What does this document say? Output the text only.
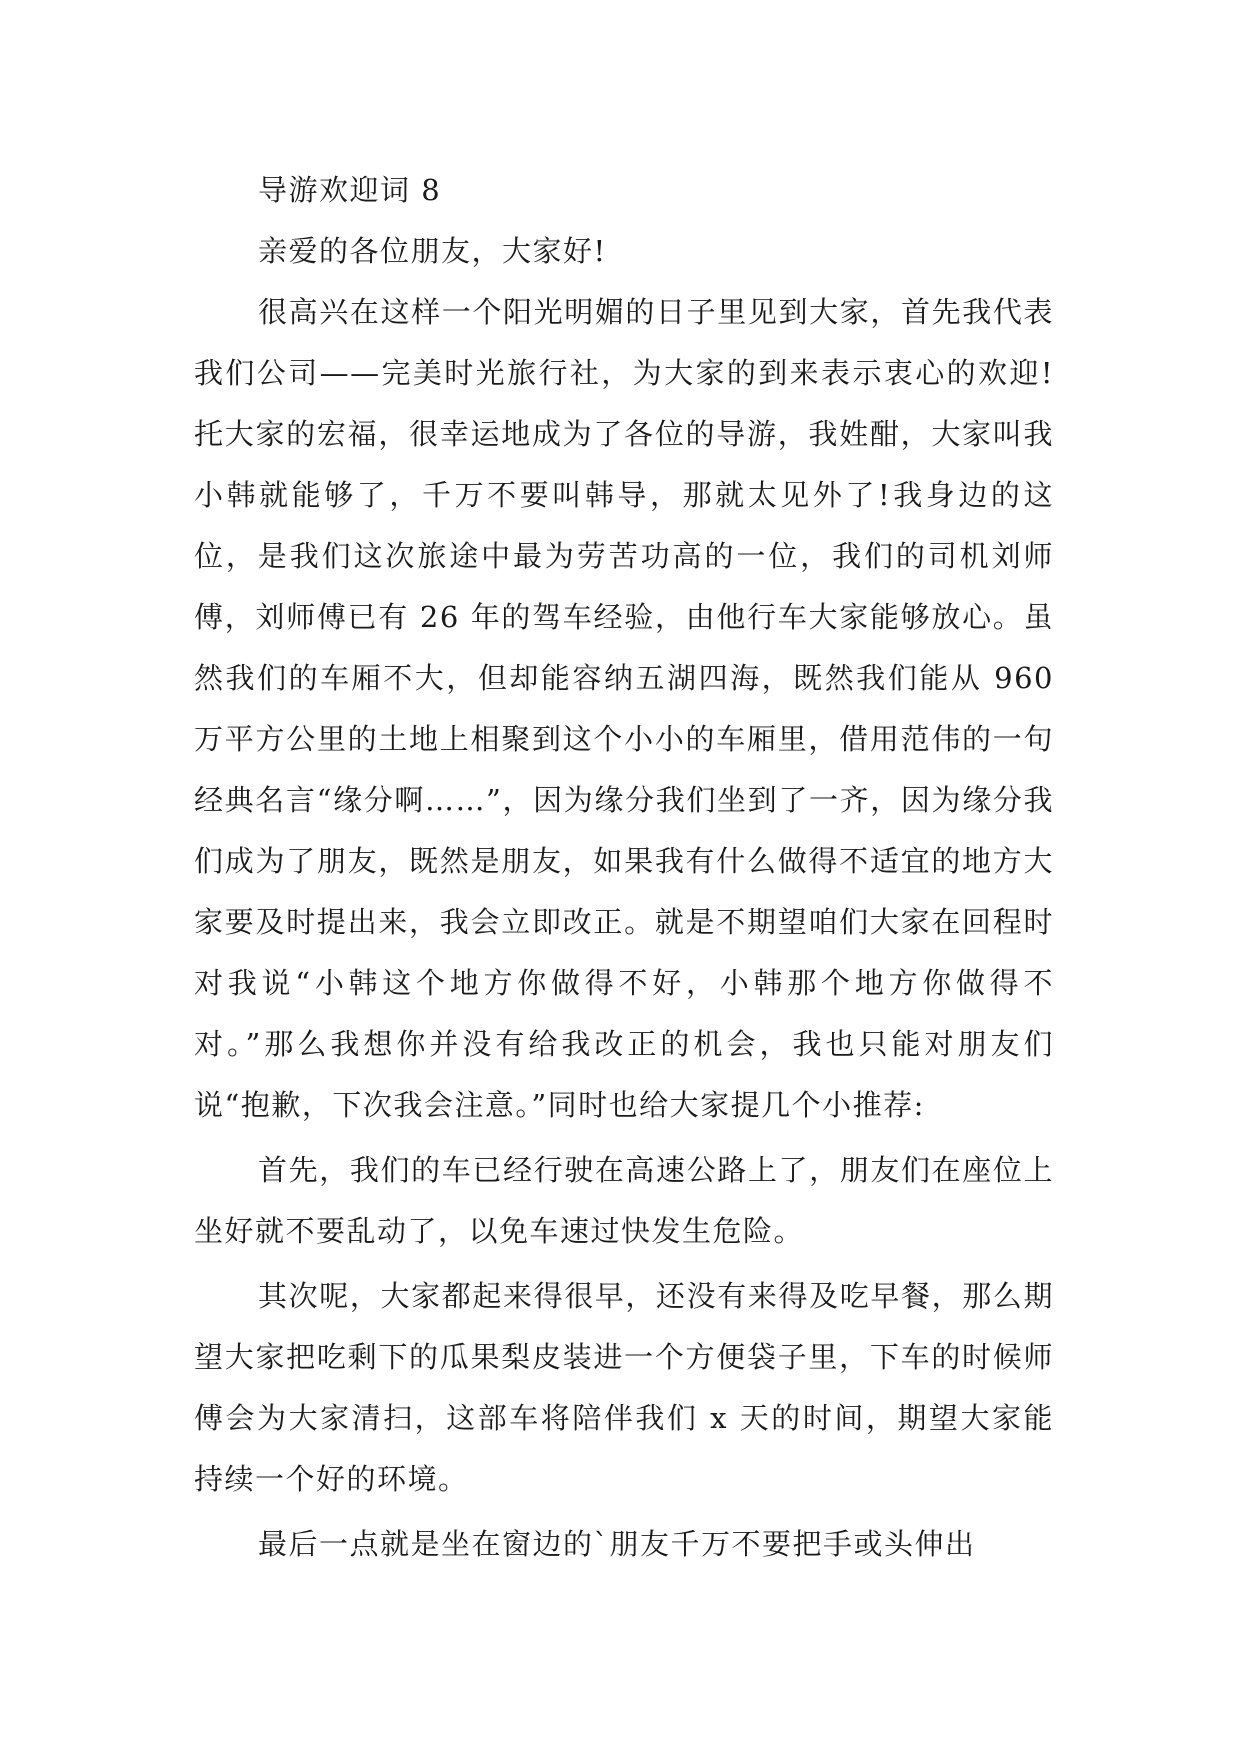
导游欢迎词 8

亲爱的各位朋友，大家好!

很高兴在这样一个阳光明媚的日子里见到大家，首先我代表我们公司——完美时光旅行社，为大家的到来表示衷心的欢迎!托大家的宏福，很幸运地成为了各位的导游，我姓酣，大家叫我小韩就能够了，千万不要叫韩导，那就太见外了!我身边的这位，是我们这次旅途中最为劳苦功高的一位，我们的司机刘师傅，刘师傅已有 26 年的驾车经验，由他行车大家能够放心。虽然我们的车厢不大，但却能容纳五湖四海，既然我们能从 960 万平方公里的土地上相聚到这个小小的车厢里，借用范伟的一句经典名言“缘分啊……”，因为缘分我们坐到了一齐，因为缘分我们成为了朋友，既然是朋友，如果我有什么做得不适宜的地方大家要及时提出来，我会立即改正。就是不期望咱们大家在回程时对我说“小韩这个地方你做得不好，小韩那个地方你做得不对。”那么我想你并没有给我改正的机会，我也只能对朋友们说“抱歉，下次我会注意。”同时也给大家提几个小推荐:

首先，我们的车已经行驶在高速公路上了，朋友们在座位上坐好就不要乱动了，以免车速过快发生危险。

其次呢，大家都起来得很早，还没有来得及吃早餐，那么期望大家把吃剩下的瓜果梨皮装进一个方便袋子里，下车的时候师傅会为大家清扫，这部车将陪伴我们 x 天的时间，期望大家能持续一个好的环境。

最后一点就是坐在窗边的`朋友千万不要把手或头伸出
